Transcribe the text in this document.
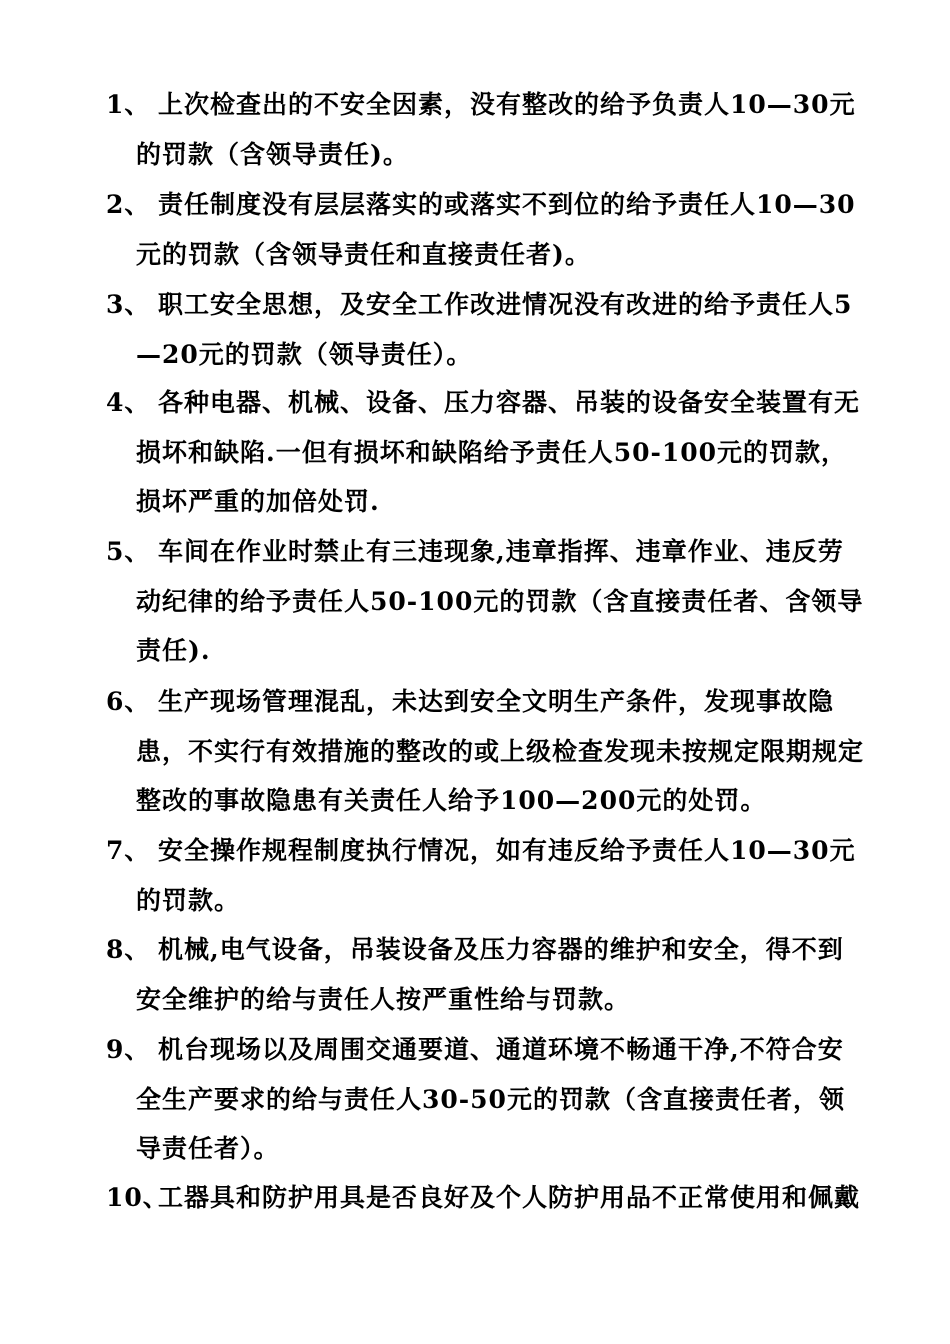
1、 上次检查出的不安全因素，没有整改的给予负责人10—30元的罚款（含领导责任)。
2、 责任制度没有层层落实的或落实不到位的给予责任人10—30元的罚款（含领导责任和直接责任者)。
3、 职工安全思想，及安全工作改进情况没有改进的给予责任人5—20元的罚款（领导责任）。
4、 各种电器、机械、设备、压力容器、吊装的设备安全装置有无损坏和缺陷.一但有损坏和缺陷给予责任人50-100元的罚款，损坏严重的加倍处罚.
5、 车间在作业时禁止有三违现象,违章指挥、违章作业、违反劳动纪律的给予责任人50-100元的罚款（含直接责任者、含领导责任).
6、 生产现场管理混乱，未达到安全文明生产条件，发现事故隐患，不实行有效措施的整改的或上级检查发现未按规定限期规定整改的事故隐患有关责任人给予100—200元的处罚。
7、 安全操作规程制度执行情况，如有违反给予责任人10—30元的罚款。
8、 机械,电气设备，吊装设备及压力容器的维护和安全，得不到安全维护的给与责任人按严重性给与罚款。
9、 机台现场以及周围交通要道、通道环境不畅通干净,不符合安全生产要求的给与责任人30-50元的罚款（含直接责任者，领导责任者）。
10、
工器具和防护用具是否良好及个人防护用品不正常使用和佩戴
